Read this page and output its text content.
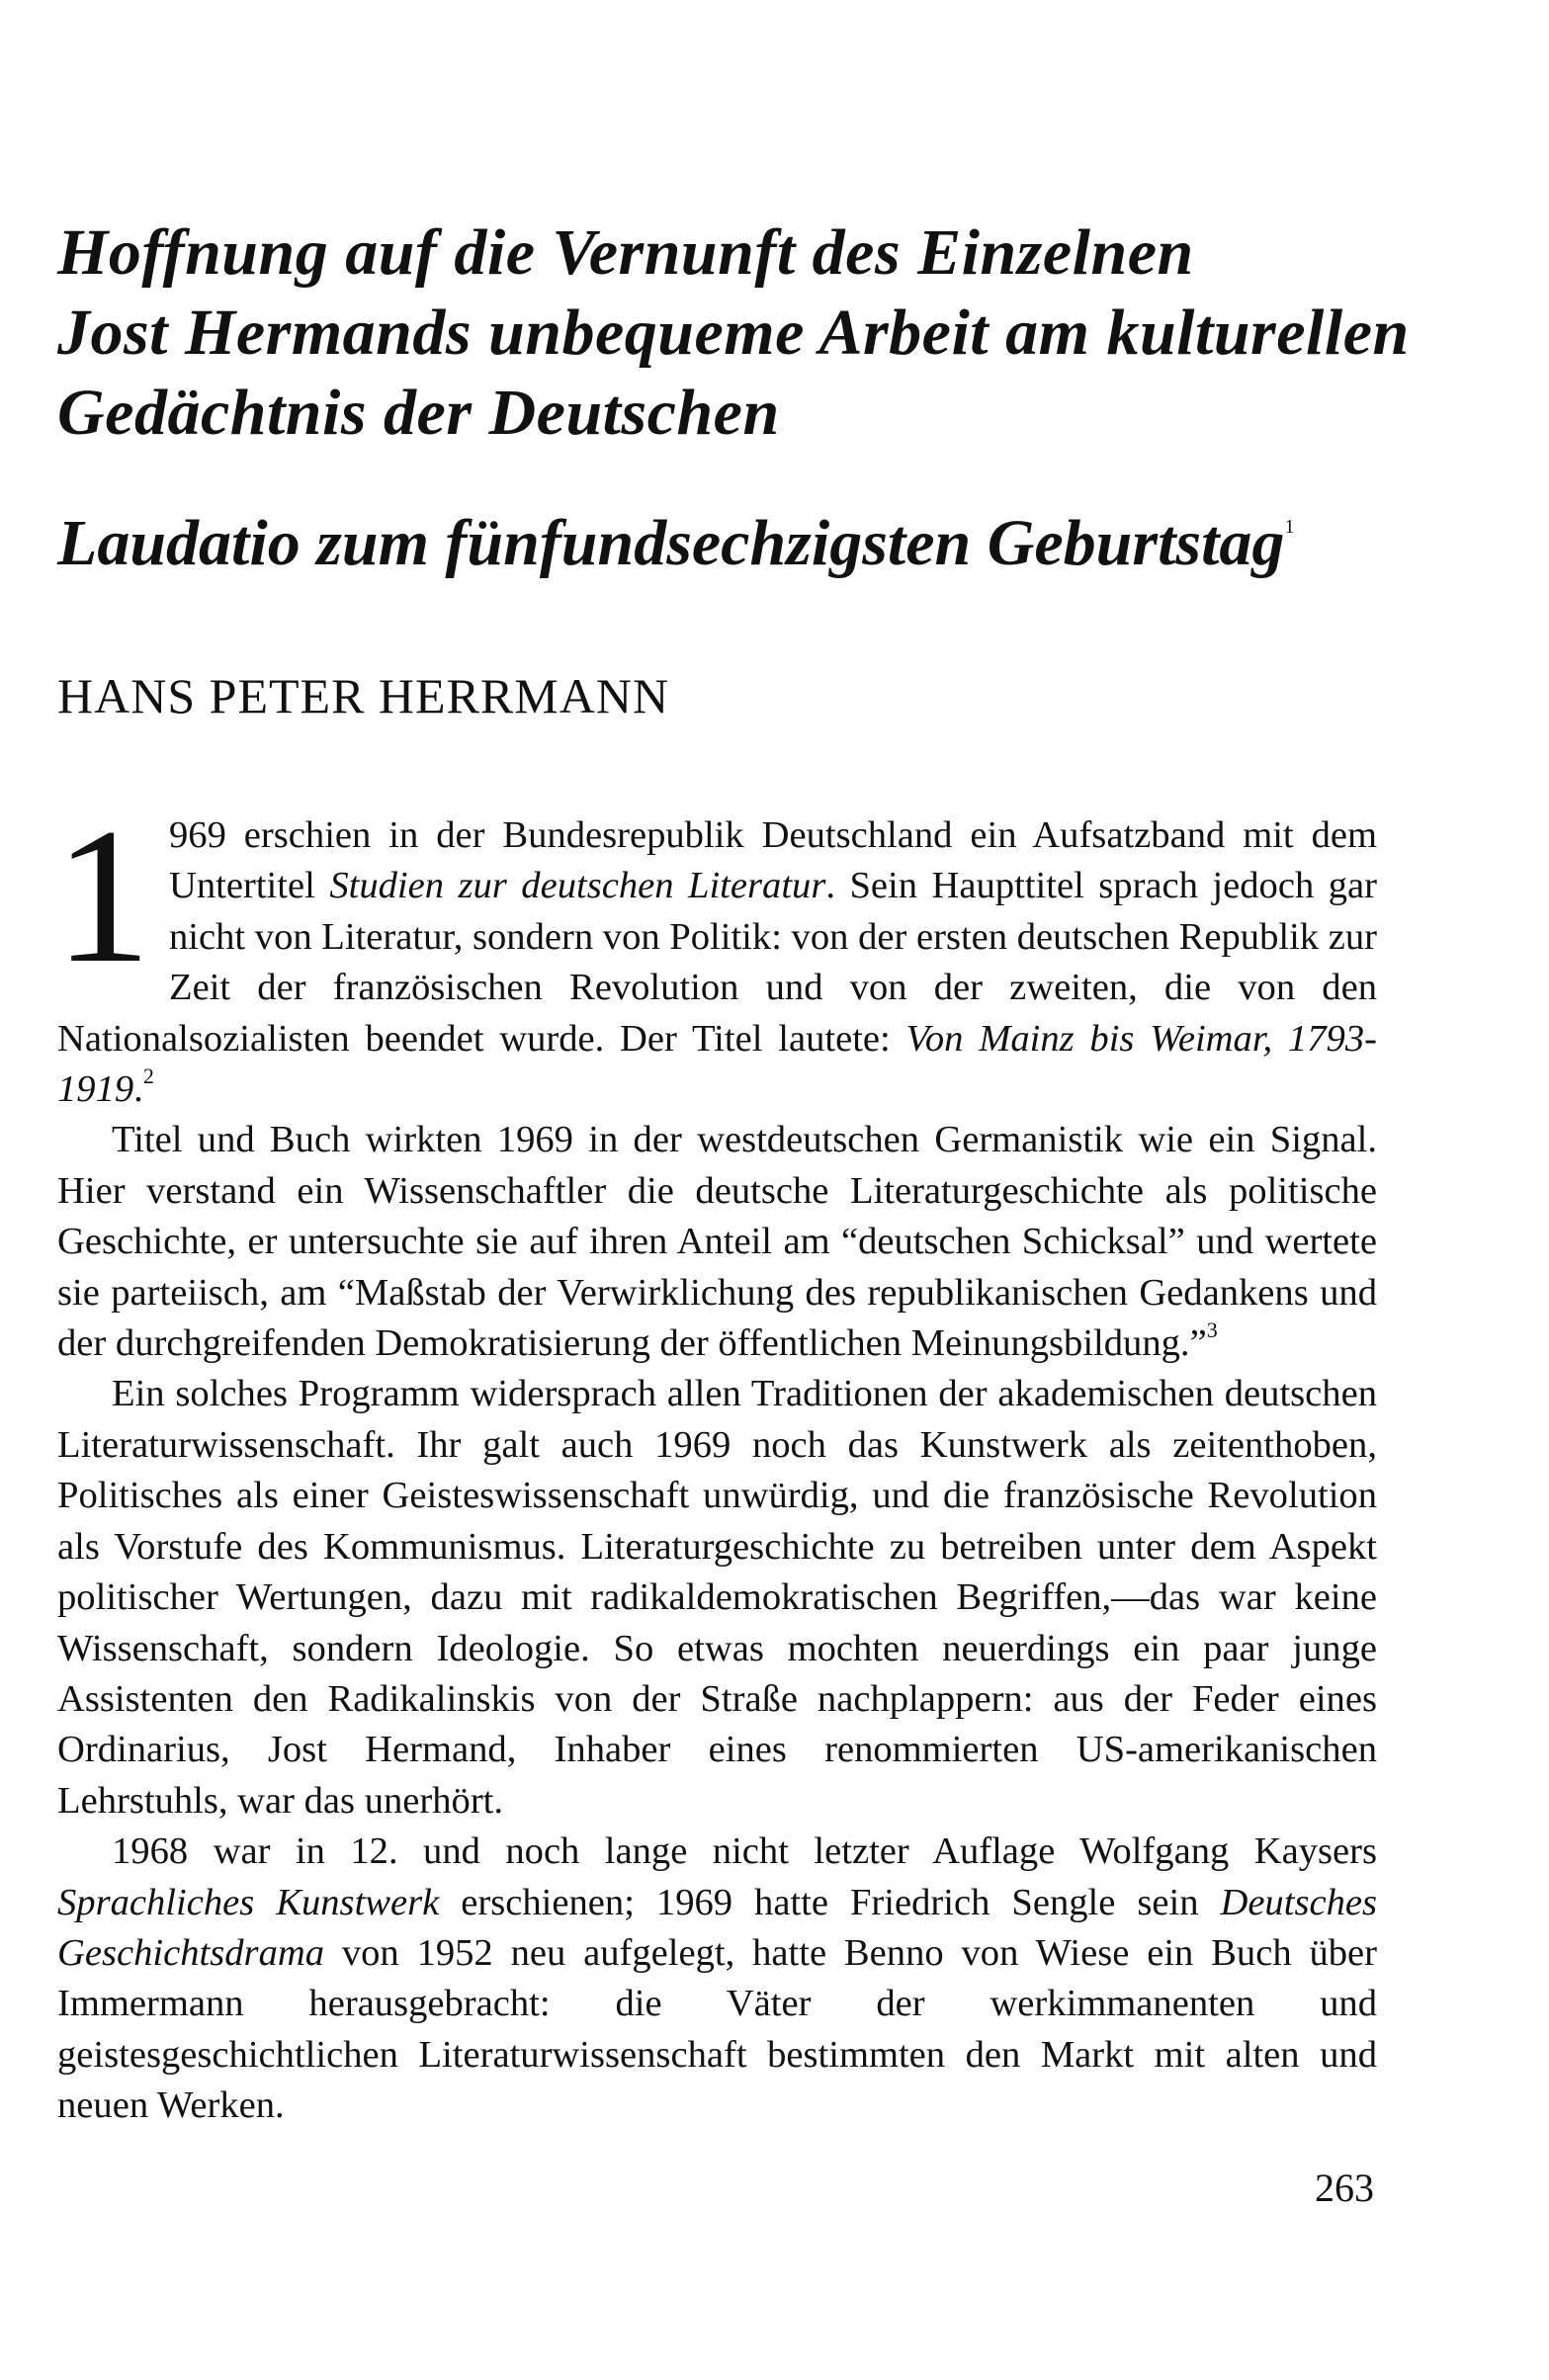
Hoffnung auf die Vernunft des Einzelnen
Jost Hermands unbequeme Arbeit am kulturellen
Gedächtnis der Deutschen
Laudatio zum fünfundsechzigsten Geburtstag$^1$
HANS PETER HERRMANN

1 969 erschien in der Bundesrepublik Deutschland ein Aufsatzband mit dem Untertitel Studien zur deutschen Literatur. Sein Haupttitel sprach jedoch gar nicht von Literatur, sondern von Politik: von der ersten deutschen Republik zur Zeit der französischen Revolution und von der zweiten, die von den Nationalsozialisten beendet wurde. Der Titel lautete: Von Mainz bis Weimar, 1793- 1919.$^2$

Titel und Buch wirkten 1969 in der westdeutschen Germanistik wie ein Signal. Hier verstand ein Wissenschaftler die deutsche Literaturgeschichte als politische Geschichte, er untersuchte sie auf ihren Anteil am “deutschen Schicksal” und wertete sie parteiisch, am “Maßstab der Verwirklichung des republikanischen Gedankens und der durchgreifenden Demokratisierung der öffentlichen Meinungsbildung.”$^3$

Ein solches Programm widersprach allen Traditionen der akademischen deutschen Literaturwissenschaft. Ihr galt auch 1969 noch das Kunstwerk als zeitenthoben, Politisches als einer Geisteswissenschaft unwürdig, und die französische Revolution als Vorstufe des Kommunismus. Literaturgeschichte zu betreiben unter dem Aspekt politischer Wertungen, dazu mit radikaldemokratischen Begriffen,—das war keine Wissenschaft, sondern Ideologie. So etwas mochten neuerdings ein paar junge Assistenten den Radikalinskis von der Straße nachplappern: aus der Feder eines Ordinarius, Jost Hermand, Inhaber eines renommierten US-amerikanischen Lehrstuhls, war das unerhört.

1968 war in 12. und noch lange nicht letzter Auflage Wolfgang Kaysers Sprachliches Kunstwerk erschienen; 1969 hatte Friedrich Sengle sein Deutsches Geschichtsdrama von 1952 neu aufgelegt, hatte Benno von Wiese ein Buch über Immermann herausgebracht: die Väter der werkimmanenten und geistesgeschichtlichen Literaturwissenschaft bestimmten den Markt mit alten und neuen Werken.

263
